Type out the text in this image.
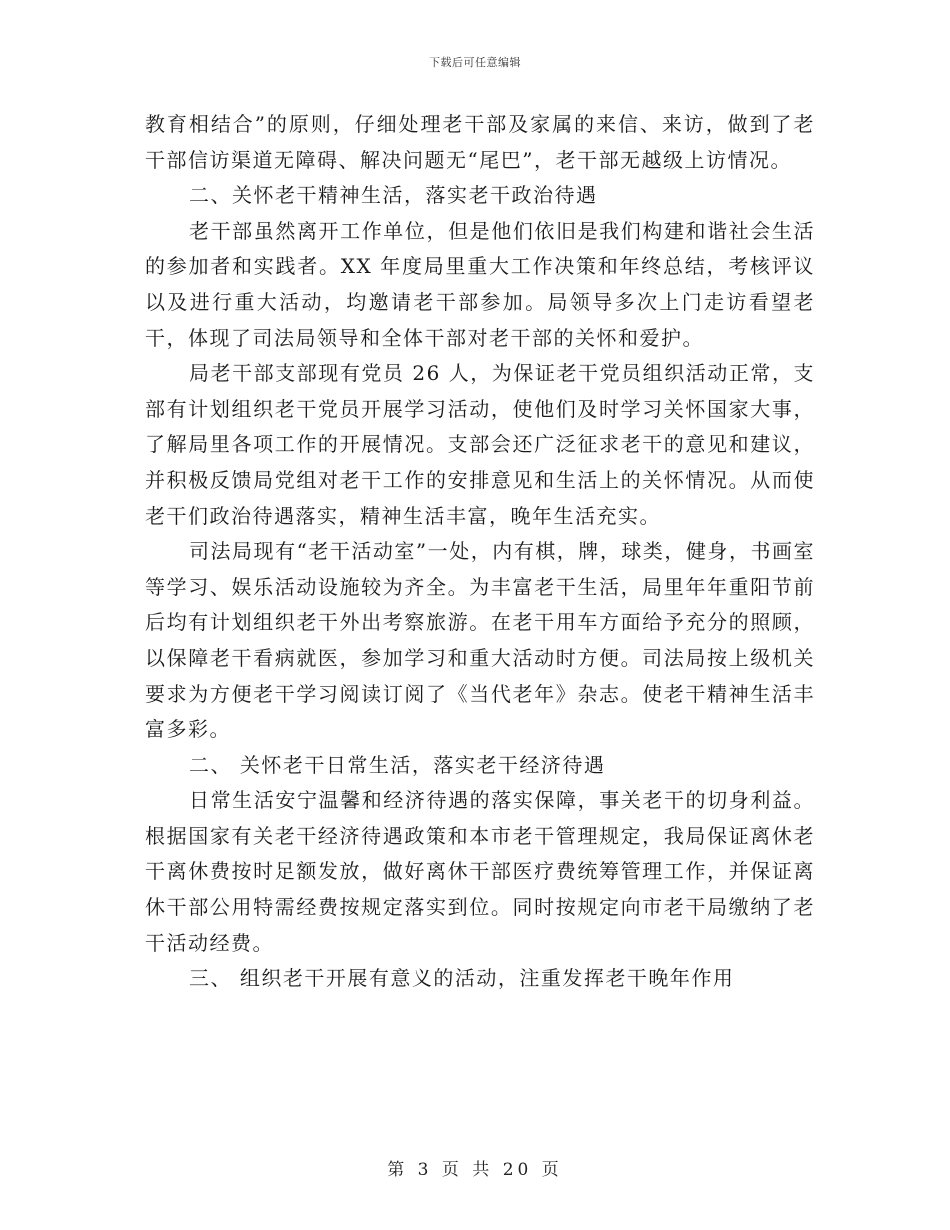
下载后可任意编辑

教育相结合”的原则，仔细处理老干部及家属的来信、来访，做到了老干部信访渠道无障碍、解决问题无“尾巴”，老干部无越级上访情况。

二、关怀老干精神生活，落实老干政治待遇

老干部虽然离开工作单位，但是他们依旧是我们构建和谐社会生活的参加者和实践者。XX 年度局里重大工作决策和年终总结，考核评议以及进行重大活动，均邀请老干部参加。局领导多次上门走访看望老干，体现了司法局领导和全体干部对老干部的关怀和爱护。

局老干部支部现有党员 26 人，为保证老干党员组织活动正常，支部有计划组织老干党员开展学习活动，使他们及时学习关怀国家大事，了解局里各项工作的开展情况。支部会还广泛征求老干的意见和建议，并积极反馈局党组对老干工作的安排意见和生活上的关怀情况。从而使老干们政治待遇落实，精神生活丰富，晚年生活充实。

司法局现有“老干活动室”一处，内有棋，牌，球类，健身，书画室等学习、娱乐活动设施较为齐全。为丰富老干生活，局里年年重阳节前后均有计划组织老干外出考察旅游。在老干用车方面给予充分的照顾，以保障老干看病就医，参加学习和重大活动时方便。司法局按上级机关要求为方便老干学习阅读订阅了《当代老年》杂志。使老干精神生活丰富多彩。

二、 关怀老干日常生活，落实老干经济待遇

日常生活安宁温馨和经济待遇的落实保障，事关老干的切身利益。根据国家有关老干经济待遇政策和本市老干管理规定，我局保证离休老干离休费按时足额发放，做好离休干部医疗费统筹管理工作，并保证离休干部公用特需经费按规定落实到位。同时按规定向市老干局缴纳了老干活动经费。

三、 组织老干开展有意义的活动，注重发挥老干晚年作用

第 3 页 共 20 页
